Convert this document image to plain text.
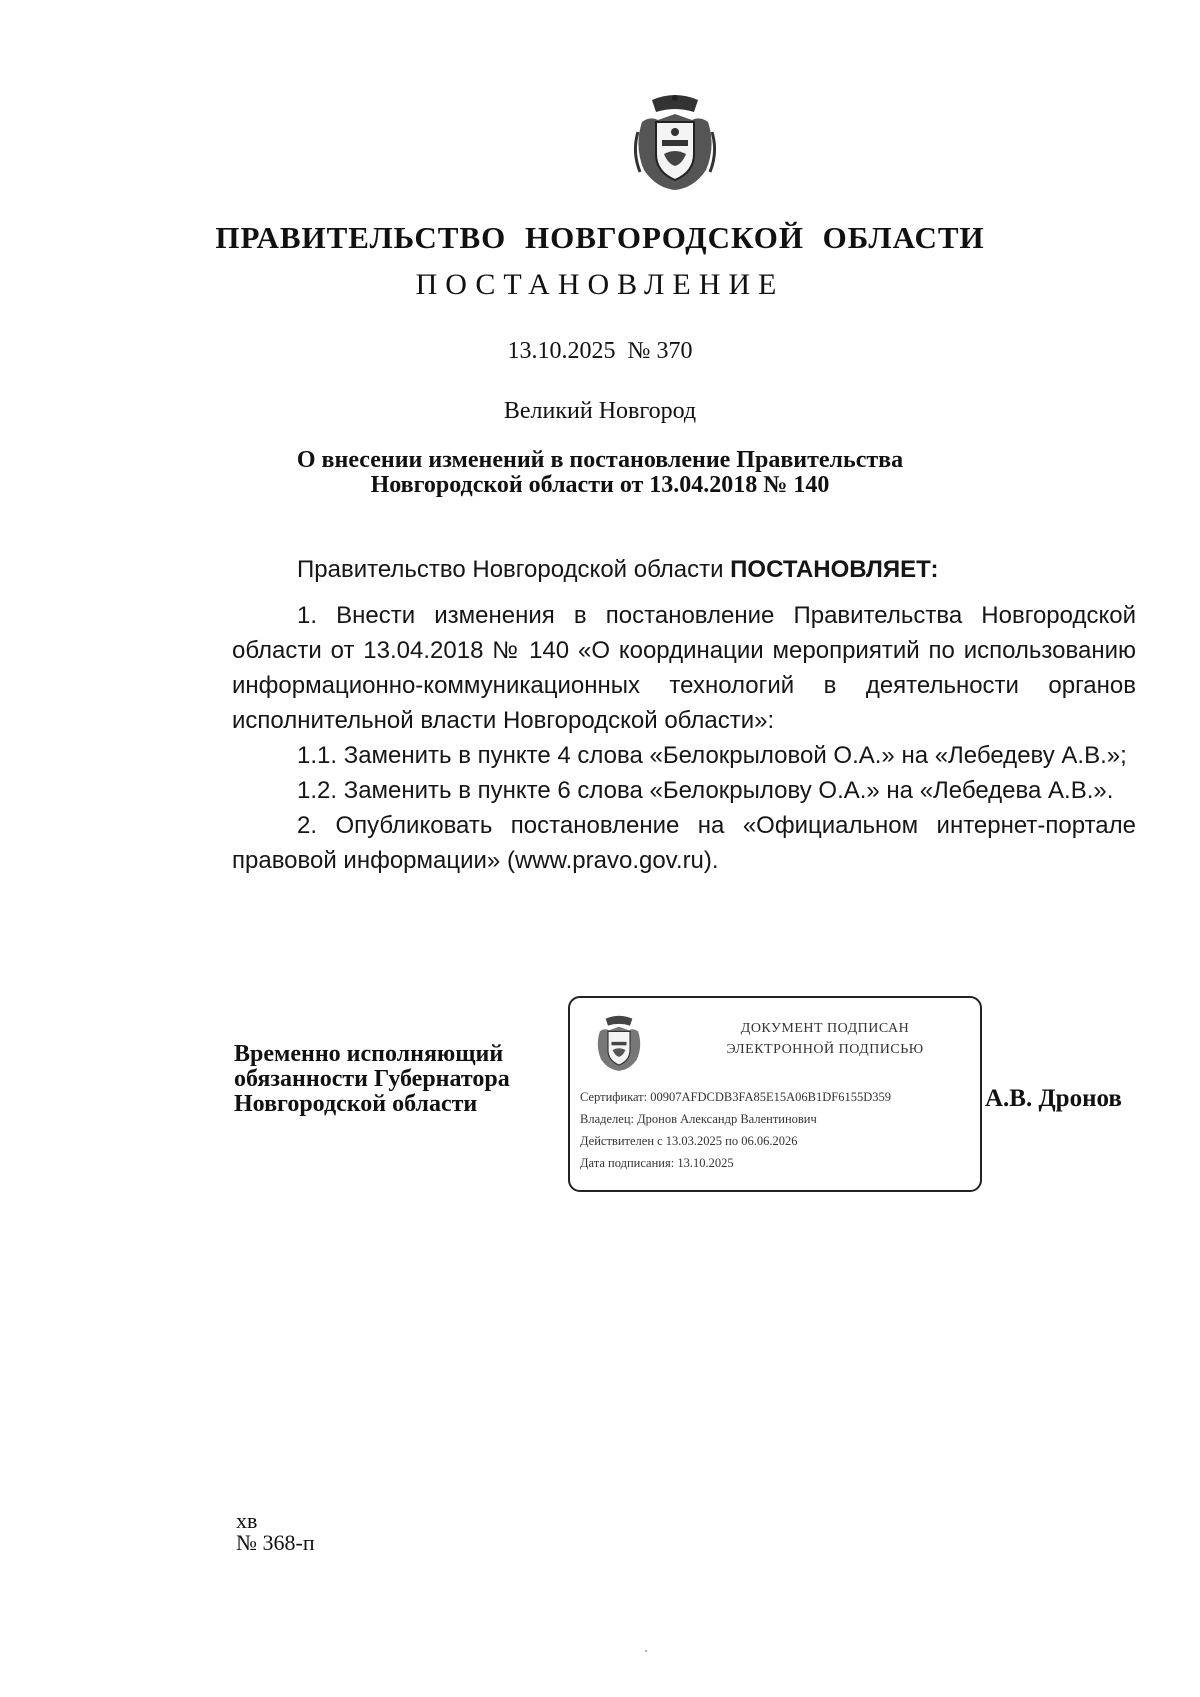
ПРАВИТЕЛЬСТВО НОВГОРОДСКОЙ ОБЛАСТИ
ПОСТАНОВЛЕНИЕ
13.10.2025  № 370
Великий Новгород
О внесении изменений в постановление Правительства
Новгородской области от 13.04.2018 № 140

Правительство Новгородской области ПОСТАНОВЛЯЕТ:

1. Внести изменения в постановление Правительства Новгородской области от 13.04.2018 № 140 «О координации мероприятий по использованию информационно-коммуникационных технологий в деятельности органов исполнительной власти Новгородской области»:

1.1. Заменить в пункте 4 слова «Белокрыловой О.А.» на «Лебедеву А.В.»;

1.2. Заменить в пункте 6 слова «Белокрылову О.А.» на «Лебедева А.В.».

2. Опубликовать постановление на «Официальном интернет-портале правовой информации» (www.pravo.gov.ru).

Временно исполняющий
обязанности Губернатора
Новгородской области
ДОКУМЕНТ ПОДПИСАН
ЭЛЕКТРОННОЙ ПОДПИСЬЮ
Сертификат: 00907AFDCDB3FA85E15A06B1DF6155D359
Владелец: Дронов Александр Валентинович
Действителен с 13.03.2025 по 06.06.2026
Дата подписания: 13.10.2025
А.В. Дронов
хв
№ 368-п
